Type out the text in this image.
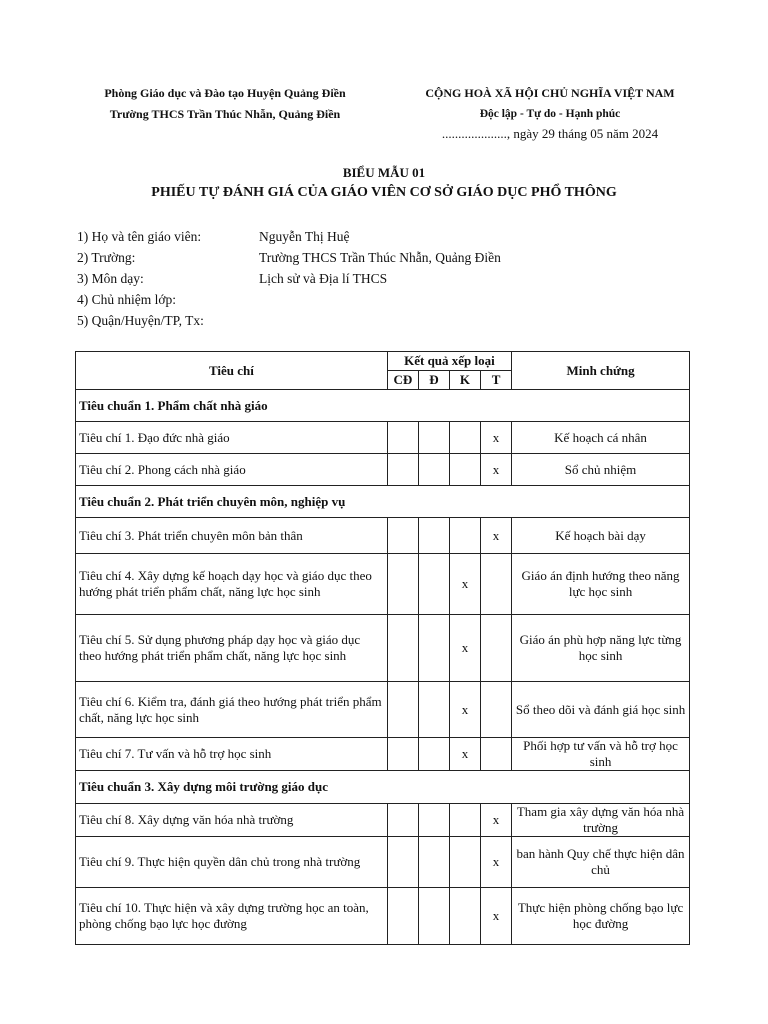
Phòng Giáo dục và Đào tạo Huyện Quảng Điền
Trường THCS Trần Thúc Nhẫn, Quảng Điền
CỘNG HOÀ XÃ HỘI CHỦ NGHĨA VIỆT NAM
Độc lập - Tự do - Hạnh phúc
...................., ngày 29 tháng 05 năm 2024
BIỂU MẪU 01
PHIẾU TỰ ĐÁNH GIÁ CỦA GIÁO VIÊN CƠ SỞ GIÁO DỤC PHỔ THÔNG
1) Họ và tên giáo viên:	Nguyễn Thị Huệ
2) Trường:	Trường THCS Trần Thúc Nhẫn, Quảng Điền
3) Môn dạy:	Lịch sử và Địa lí THCS
4) Chủ nhiệm lớp:
5) Quận/Huyện/TP, Tx:
Tiêu chí	Kết quả xếp loại				Minh chứng
	CĐ	Đ	K	T	
Tiêu chuẩn 1. Phẩm chất nhà giáo					
Tiêu chí 1. Đạo đức nhà giáo				x	Kế hoạch cá nhân
Tiêu chí 2. Phong cách nhà giáo				x	Sổ chủ nhiệm
Tiêu chuẩn 2. Phát triển chuyên môn, nghiệp vụ					
Tiêu chí 3. Phát triển chuyên môn bản thân				x	Kế hoạch bài dạy
Tiêu chí 4. Xây dựng kế hoạch dạy học và giáo dục theo hướng phát triển phẩm chất, năng lực học sinh			x		Giáo án định hướng theo năng lực học sinh
Tiêu chí 5. Sử dụng phương pháp dạy học và giáo dục theo hướng phát triển phẩm chất, năng lực học sinh			x		Giáo án phù hợp năng lực từng học sinh
Tiêu chí 6. Kiểm tra, đánh giá theo hướng phát triển phẩm chất, năng lực học sinh			x		Sổ theo dõi và đánh giá học sinh
Tiêu chí 7. Tư vấn và hỗ trợ học sinh			x		Phối hợp tư vấn và hỗ trợ học sinh
Tiêu chuẩn 3. Xây dựng môi trường giáo dục					
Tiêu chí 8. Xây dựng văn hóa nhà trường				x	Tham gia xây dựng văn hóa nhà trường
Tiêu chí 9. Thực hiện quyền dân chủ trong nhà trường				x	ban hành Quy chế thực hiện dân chủ
Tiêu chí 10. Thực hiện và xây dựng trường học an toàn, phòng chống bạo lực học đường				x	Thực hiện phòng chống bạo lực học đường
